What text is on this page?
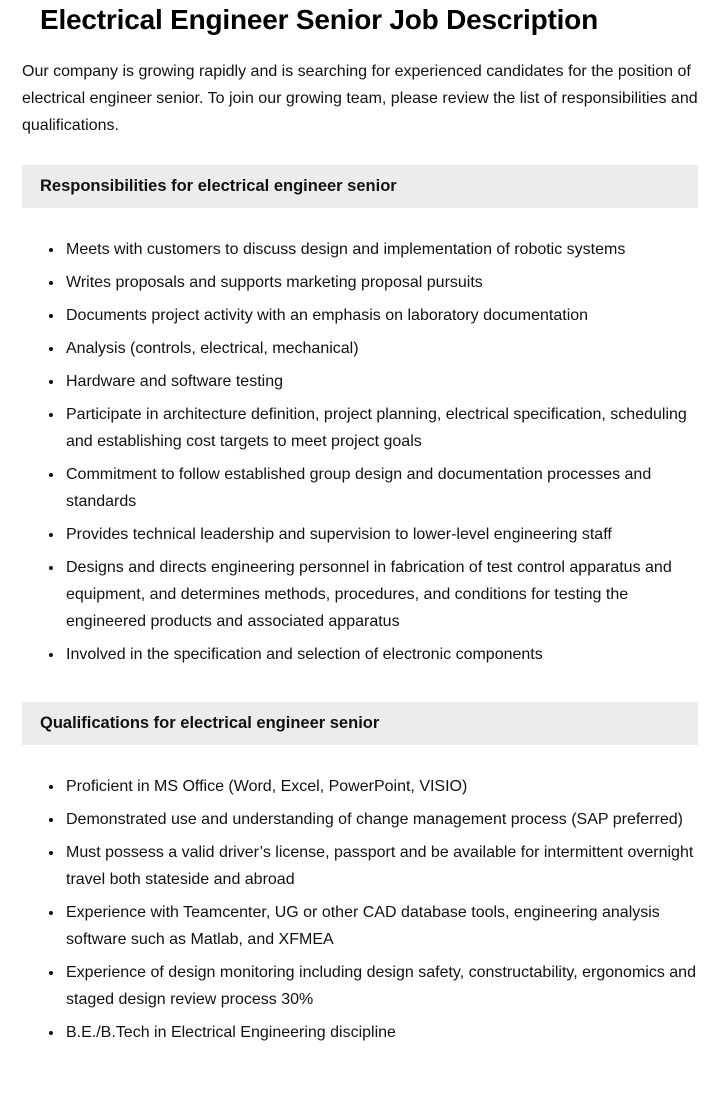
Electrical Engineer Senior Job Description

Our company is growing rapidly and is searching for experienced candidates for the position of electrical engineer senior. To join our growing team, please review the list of responsibilities and qualifications.

Responsibilities for electrical engineer senior
• Meets with customers to discuss design and implementation of robotic systems
• Writes proposals and supports marketing proposal pursuits
• Documents project activity with an emphasis on laboratory documentation
• Analysis (controls, electrical, mechanical)
• Hardware and software testing
• Participate in architecture definition, project planning, electrical specification, scheduling and establishing cost targets to meet project goals
• Commitment to follow established group design and documentation processes and standards
• Provides technical leadership and supervision to lower-level engineering staff
• Designs and directs engineering personnel in fabrication of test control apparatus and equipment, and determines methods, procedures, and conditions for testing the engineered products and associated apparatus
• Involved in the specification and selection of electronic components
Qualifications for electrical engineer senior
• Proficient in MS Office (Word, Excel, PowerPoint, VISIO)
• Demonstrated use and understanding of change management process (SAP preferred)
• Must possess a valid driver’s license, passport and be available for intermittent overnight travel both stateside and abroad
• Experience with Teamcenter, UG or other CAD database tools, engineering analysis software such as Matlab, and XFMEA
• Experience of design monitoring including design safety, constructability, ergonomics and staged design review process 30%
• B.E./B.Tech in Electrical Engineering discipline
